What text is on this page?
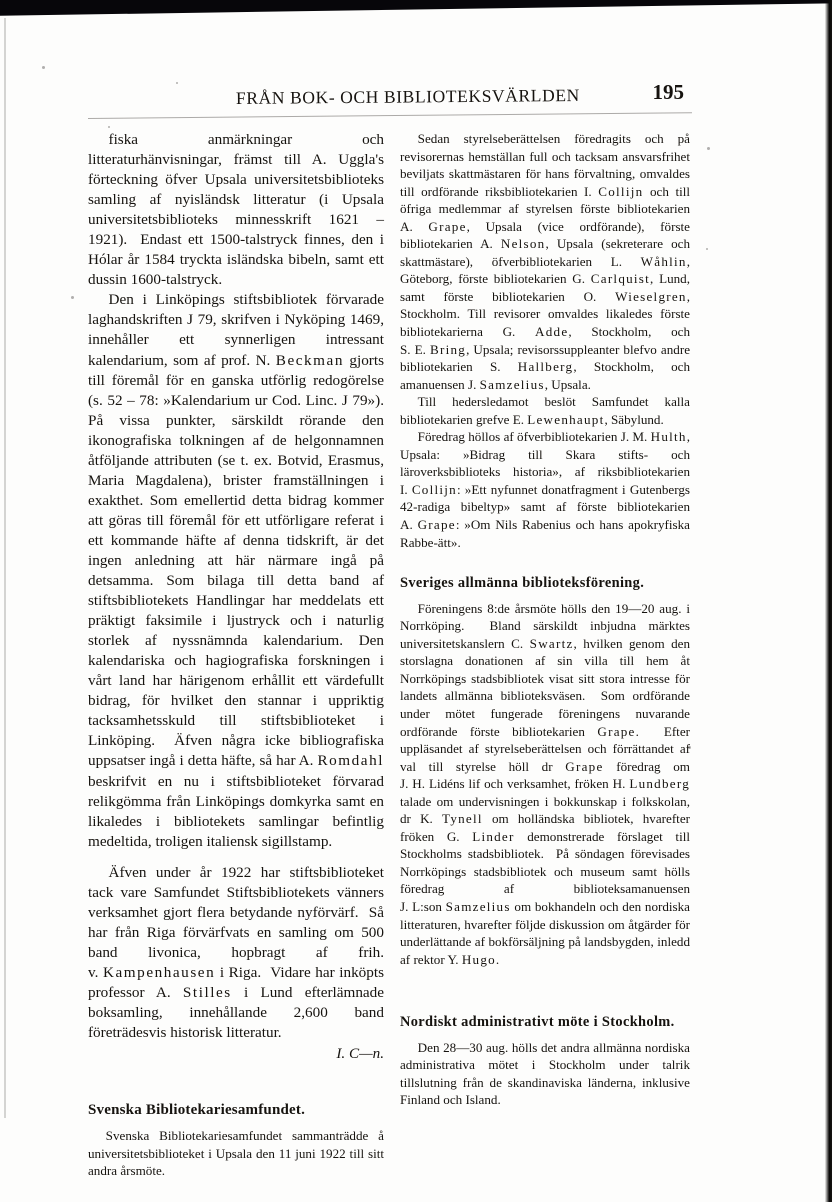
FRÅN BOK- OCH BIBLIOTEKSVÄRLDEN	195

fiska anmärkningar och litteraturhänvisningar, främst till A. Uggla's förteckning öfver Upsala universitetsbiblioteks samling af nyisländsk litteratur (i Upsala universitetsbiblioteks minnesskrift 1621 – 1921).  Endast ett 1500-talstryck finnes, den i Hólar år 1584 tryckta isländska bibeln, samt ett dussin 1600-talstryck.

Den i Linköpings stiftsbibliotek förvarade laghandskriften J 79, skrifven i Nyköping 1469, innehåller ett synnerligen intressant kalendarium, som af prof. N. Beckman gjorts till föremål för en ganska utförlig redogörelse (s. 52 – 78: »Kalendarium ur Cod. Linc. J 79»). På vissa punkter, särskildt rörande den ikonografiska tolkningen af de helgonnamnen åtföljande attributen (se t. ex. Botvid, Erasmus, Maria Magdalena), brister framställningen i exakthet. Som emellertid detta bidrag kommer att göras till föremål för ett utförligare referat i ett kommande häfte af denna tidskrift, är det ingen anledning att här närmare ingå på detsamma. Som bilaga till detta band af stiftsbibliotekets Handlingar har meddelats ett präktigt faksimile i ljustryck och i naturlig storlek af nyssnämnda kalendarium. Den kalendariska och hagiografiska forskningen i vårt land har härigenom erhållit ett värdefullt bidrag, för hvilket den stannar i uppriktig tacksamhetsskuld till stiftsbiblioteket i Linköping.  Äfven några icke bibliografiska uppsatser ingå i detta häfte, så har A. Romdahl beskrifvit en nu i stiftsbiblioteket förvarad relikgömma från Linköpings domkyrka samt en likaledes i bibliotekets samlingar befintlig medeltida, troligen italiensk sigillstamp.

Äfven under år 1922 har stiftsbiblioteket tack vare Samfundet Stiftsbibliotekets vänners verksamhet gjort flera betydande nyförvärf.  Så har från Riga förvärfvats en samling om 500 band livonica, hopbragt af frih. v. Kampenhausen i Riga.  Vidare har inköpts professor A. Stilles i Lund efterlämnade boksamling, innehållande 2,600 band företrädesvis historisk litteratur.
I. C—n.

Svenska Bibliotekariesamfundet.

Svenska Bibliotekariesamfundet sammanträdde å universitetsbiblioteket i Upsala den 11 juni 1922 till sitt andra årsmöte.

Sedan styrelseberättelsen föredragits och på revisorernas hemställan full och tacksam ansvarsfrihet beviljats skattmästaren för hans förvaltning, omvaldes till ordförande riksbibliotekarien I. Collijn och till öfriga medlemmar af styrelsen förste bibliotekarien A. Grape, Upsala (vice ordförande), förste bibliotekarien A. Nelson, Upsala (sekreterare och skattmästare), öfverbibliotekarien L. Wåhlin, Göteborg, förste bibliotekarien G. Carlquist, Lund, samt förste bibliotekarien O. Wieselgren, Stockholm. Till revisorer omvaldes likaledes förste bibliotekarierna G. Adde, Stockholm, och S. E. Bring, Upsala; revisorssuppleanter blefvo andre bibliotekarien S. Hallberg, Stockholm, och amanuensen J. Samzelius, Upsala.

Till hedersledamot beslöt Samfundet kalla bibliotekarien grefve E. Lewenhaupt, Säbylund.

Föredrag höllos af öfverbibliotekarien J. M. Hulth, Upsala: »Bidrag till Skara stifts- och läroverksbiblioteks historia», af riksbibliotekarien I. Collijn: »Ett nyfunnet donatfragment i Gutenbergs 42-radiga bibeltyp» samt af förste bibliotekarien A. Grape: »Om Nils Rabenius och hans apokryfiska Rabbe-ätt».

Sveriges allmänna biblioteksförening.

Föreningens 8:de årsmöte hölls den 19—20 aug. i Norrköping.  Bland särskildt inbjudna märktes universitetskanslern C. Swartz, hvilken genom den storslagna donationen af sin villa till hem åt Norrköpings stadsbibliotek visat sitt stora intresse för landets allmänna biblioteksväsen.  Som ordförande under mötet fungerade föreningens nuvarande ordförande förste bibliotekarien Grape.  Efter uppläsandet af styrelseberättelsen och förrättandet af val till styrelse höll dr Grape föredrag om J. H. Lidéns lif och verksamhet, fröken H. Lundberg talade om undervisningen i bokkunskap i folkskolan, dr K. Tynell om holländska bibliotek, hvarefter fröken G. Linder demonstrerade förslaget till Stockholms stadsbibliotek.  På söndagen förevisades Norrköpings stadsbibliotek och museum samt hölls föredrag af biblioteksamanuensen J. L:son Samzelius om bokhandeln och den nordiska litteraturen, hvarefter följde diskussion om åtgärder för underlättande af bokförsäljning på landsbygden, inledd af rektor Y. Hugo.

Nordiskt administrativt möte i Stockholm.

Den 28—30 aug. hölls det andra allmänna nordiska administrativa mötet i Stockholm under talrik tillslutning från de skandinaviska länderna, inklusive Finland och Island.
